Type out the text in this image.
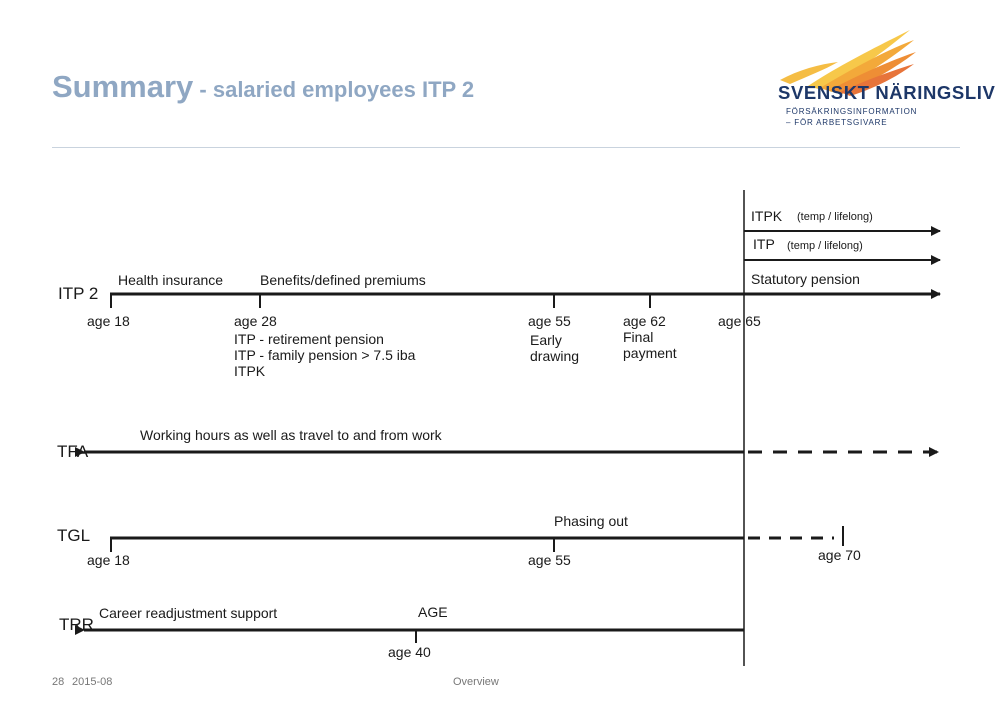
Summary - salaried employees ITP 2	SVENSKT NÄRINGSLIV
FÖRSÄKRINGSINFORMATION
– FÖR ARBETSGIVARE
ITP 2
Health insurance	Benefits/defined premiums
ITPK (temp / lifelong)
ITP (temp / lifelong)
Statutory pension
age 18	age 28	age 55	age 62	age 65
ITP - retirement pension
ITP - family pension > 7.5 iba
ITPK
Early
drawing
Final
payment
TFA
Working hours as well as travel to and from work
TGL
Phasing out
age 18	age 55	age 70
TRR
Career readjustment support	AGE
age 40
28 2015-08	Overview
